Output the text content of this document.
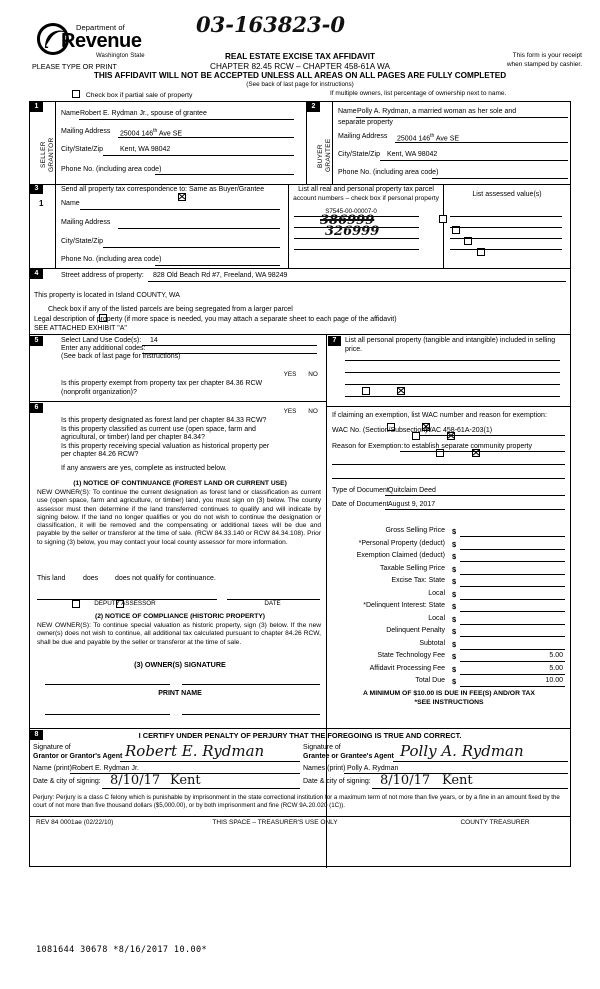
Department of
Revenue
Washington State
03-163823-0
PLEASE TYPE OR PRINT
REAL ESTATE EXCISE TAX AFFIDAVIT
CHAPTER 82.45 RCW – CHAPTER 458-61A WA
THIS AFFIDAVIT WILL NOT BE ACCEPTED UNLESS ALL AREAS ON ALL PAGES ARE FULLY COMPLETED
(See back of last page for instructions)
This form is your receipt
when stamped by cashier.
Check box if partial sale of property	If multiple owners, list percentage of ownership next to name.
1	2
SELLER GRANTOR
Name Robert E. Rydman Jr., spouse of grantee
Mailing Address 25004 146th Ave SE
City/State/Zip Kent, WA 98042
Phone No. (including area code)
BUYER GRANTEE
Name Polly A. Rydman, a married woman as her sole and
separate property
Mailing Address 25004 146th Ave SE
City/State/Zip Kent, WA 98042
Phone No. (including area code)
3	Send all property tax correspondence to:
Same as Buyer/Grantee
1	Name
Mailing Address
City/State/Zip
Phone No. (including area code)
List all real and personal property tax parcel
account numbers – check box if personal property
List assessed value(s)
S7545-00-00007-0

386999

326999

4	Street address of property: 828 Old Beach Rd #7, Freeland, WA 98249
This property is located in Island COUNTY, WA

Check box if any of the listed parcels are being segregated from a larger parcel
Legal description of property (if more space is needed, you may attach a separate sheet to each page of the affidavit)
SEE ATTACHED EXHIBIT "A"
5	Select Land Use Code(s): 14
Enter any additional codes:
(See back of last page for instructions)
YES	NO
Is this property exempt from property tax per chapter 84.36 RCW
(nonprofit organization)?

6
YES	NO
Is this property designated as forest land per chapter 84.33 RCW?

Is this property classified as current use (open space, farm and
agricultural, or timber) land per chapter 84.34?

Is this property receiving special valuation as historical property per
per chapter 84.26 RCW?

If any answers are yes, complete as instructed below.
7	List all personal property (tangible and intangible) included in selling
price.
If claiming an exemption, list WAC number and reason for exemption:
WAC No. (Section/Subsection)
WAC 458-61A-203(1)
Reason for Exemption: to establish separate community property
Type of Document Quitclaim Deed
Date of Document August 9, 2017
Gross Selling Price $
*Personal Property (deduct) $
Exemption Claimed (deduct) $
Taxable Selling Price $
Excise Tax: State $
Local $
*Delinquent Interest: State $
Local $
Delinquent Penalty $
Subtotal $
State Technology Fee $	5.00
Affidavit Processing Fee $	5.00
Total Due $	10.00
A MINIMUM OF $10.00 IS DUE IN FEE(S) AND/OR TAX
*SEE INSTRUCTIONS
(1) NOTICE OF CONTINUANCE (FOREST LAND OR CURRENT USE)
NEW OWNER(S): To continue the current designation as forest land or classification as current use (open space, farm and agriculture, or timber) land, you must sign on (3) below. The county assessor must then determine if the land transferred continues to qualify and will indicate by signing below. If the land no longer qualifies or you do not wish to continue the designation or classification, it will be removed and the compensating or additional taxes will be due and payable by the seller or transferor at the time of sale. (RCW 84.33.140 or RCW 84.34.108). Prior to signing (3) below, you may contact your local county assessor for more information.
This land
	does does not qualify for continuance.
DEPUTY ASSESSOR	DATE
(2) NOTICE OF COMPLIANCE (HISTORIC PROPERTY)
NEW OWNER(S): To continue special valuation as historic property, sign (3) below. If the new owner(s) does not wish to continue, all additional tax calculated pursuant to chapter 84.26 RCW, shall be due and payable by the seller or transferor at the time of sale.
(3) OWNER(S) SIGNATURE
PRINT NAME
8	I CERTIFY UNDER PENALTY OF PERJURY THAT THE FOREGOING IS TRUE AND CORRECT.
Signature of
Grantor or Grantor's Agent Robert E. Rydman
Name (print) Robert E. Rydman Jr.
Date & city of signing: 8/10/17 Kent
Signature of
Grantee or Grantee's Agent Polly A. Rydman
Names (print) Polly A. Rydman
Date & city of signing: 8/10/17 Kent
Perjury: Perjury is a class C felony which is punishable by imprisonment in the state correctional institution for a maximum term of not more than five years, or by a fine in an amount fixed by the court of not more than five thousand dollars ($5,000.00), or by both imprisonment and fine (RCW 9A.20.020 (1C)).
REV 84 0001ae (02/22/10)	THIS SPACE – TREASURER'S USE ONLY	COUNTY TREASURER
1081644 30678 *8/16/2017 10.00*
